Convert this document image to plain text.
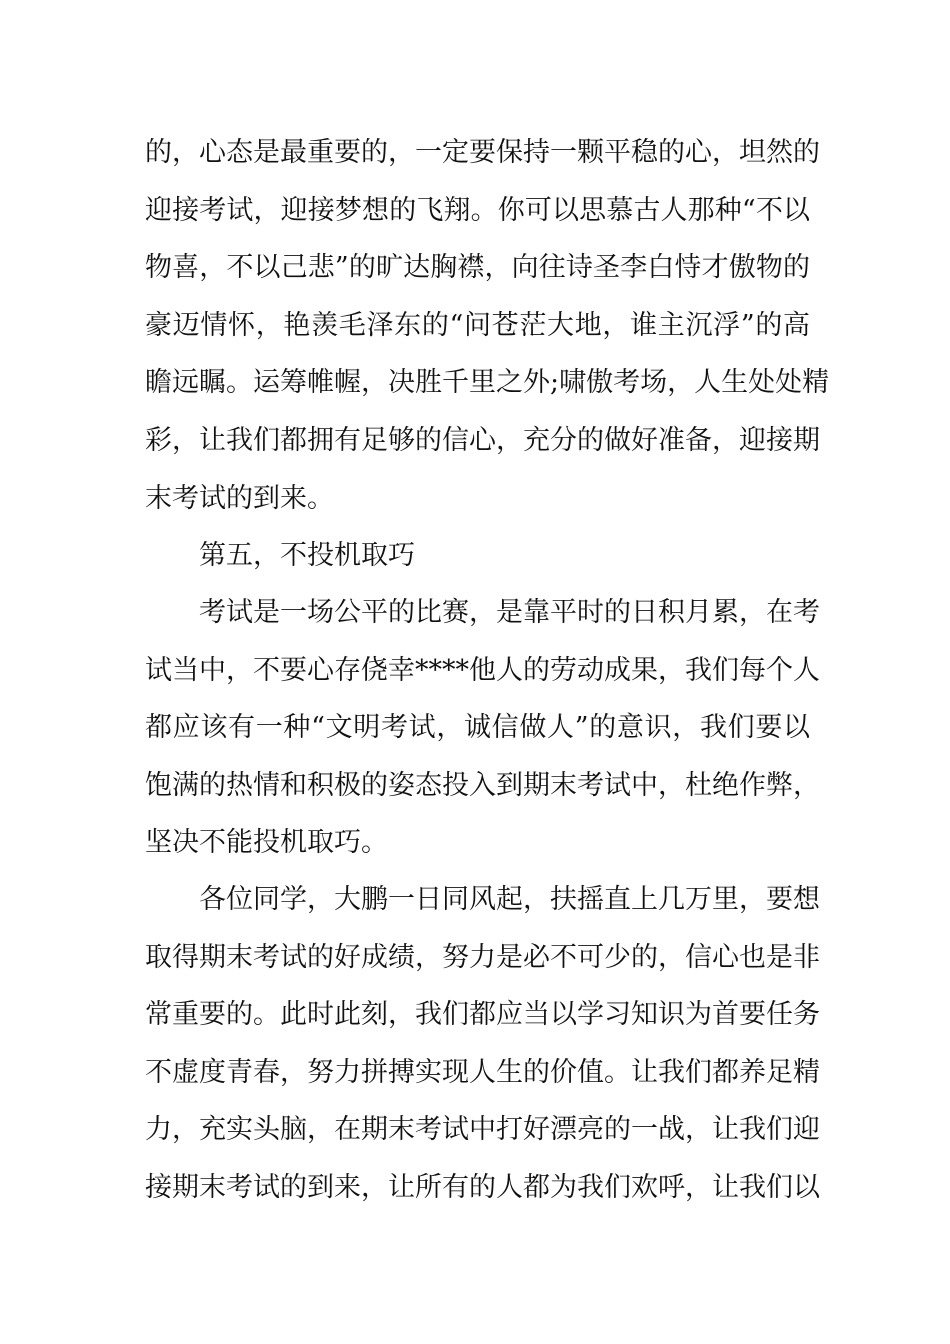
的，心态是最重要的，一定要保持一颗平稳的心，坦然的
迎接考试，迎接梦想的飞翔。你可以思慕古人那种“不以
物喜，不以己悲”的旷达胸襟，向往诗圣李白恃才傲物的
豪迈情怀，艳羡毛泽东的“问苍茫大地，谁主沉浮”的高
瞻远瞩。运筹帷幄，决胜千里之外;啸傲考场，人生处处精
彩，让我们都拥有足够的信心，充分的做好准备，迎接期
末考试的到来。
第五，不投机取巧
考试是一场公平的比赛，是靠平时的日积月累，在考
试当中，不要心存侥幸****他人的劳动成果，我们每个人
都应该有一种“文明考试，诚信做人”的意识，我们要以
饱满的热情和积极的姿态投入到期末考试中，杜绝作弊，
坚决不能投机取巧。
各位同学，大鹏一日同风起，扶摇直上几万里，要想
取得期末考试的好成绩，努力是必不可少的，信心也是非
常重要的。此时此刻，我们都应当以学习知识为首要任务
不虚度青春，努力拼搏实现人生的价值。让我们都养足精
力，充实头脑，在期末考试中打好漂亮的一战，让我们迎
接期末考试的到来，让所有的人都为我们欢呼，让我们以
